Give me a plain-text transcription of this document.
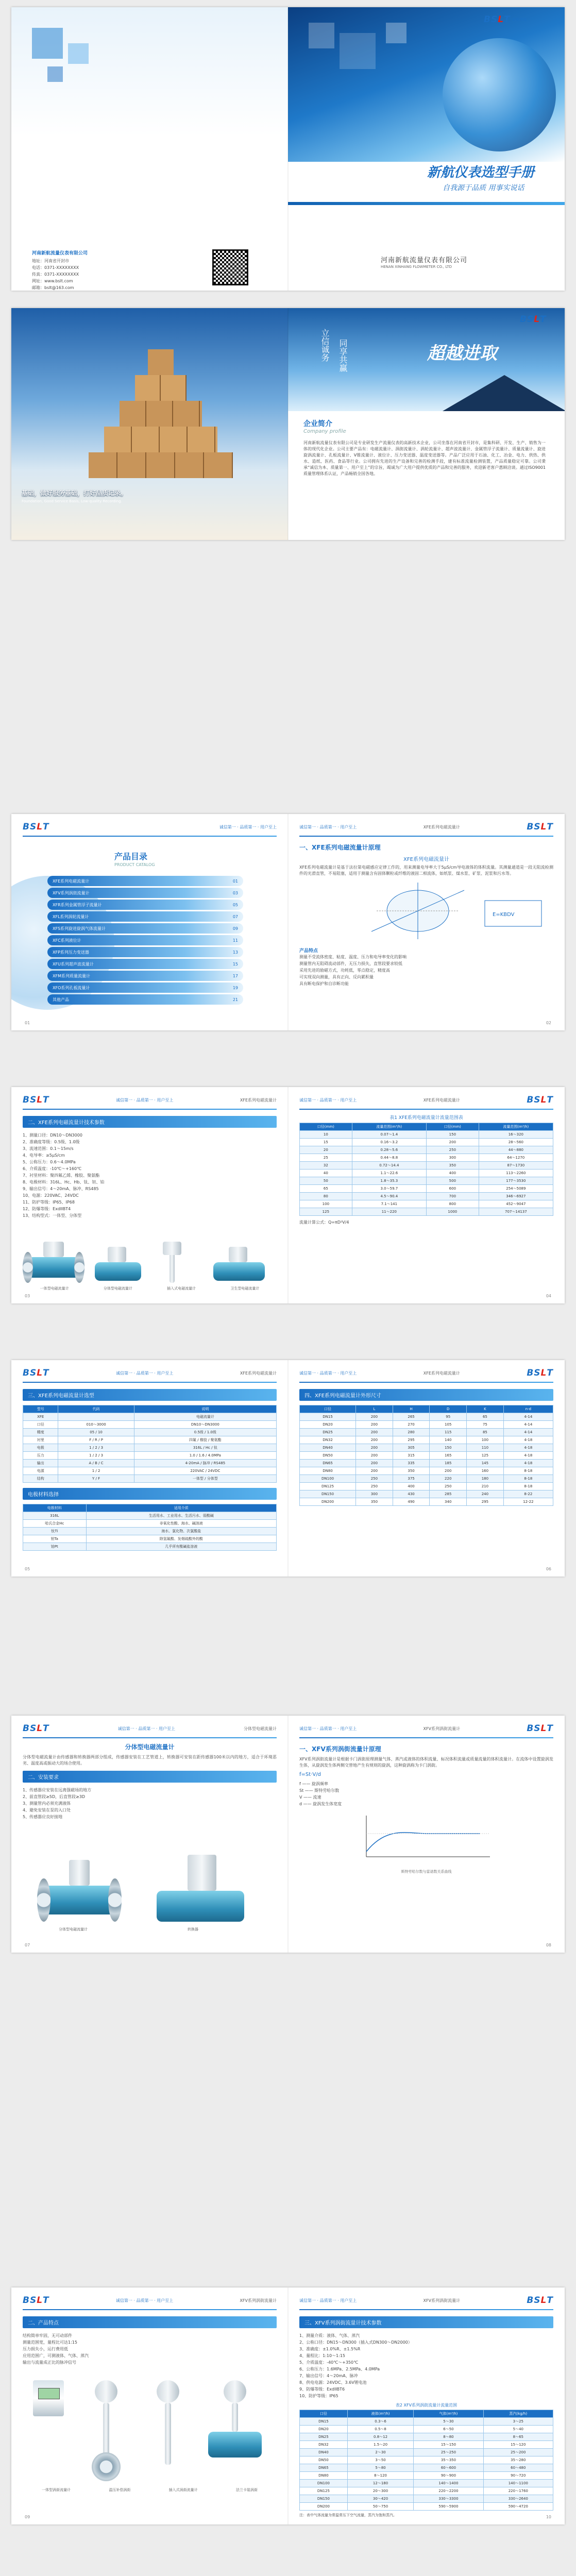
河南新航流量仪表有限公司
地址：河南省开封市
电话：0371-XXXXXXXX
传真：0371-XXXXXXXX
网址：www.bslt.com
邮箱：bslt@163.com
BSLT 新航流量
新航仪表选型手册
自我源于品质 用事实说话
河南新航流量仪表有限公司
HENAN XINHANG FLOWMETER CO., LTD
基础，做好服务基础，打好品质记录。
Foundation, Good Service Basis, Low-quality Recording.
立信诚务 同享共赢	超越进取
BSLT
企业简介
Company profile
河南新航流量仪表有限公司是专业研发生产流量仪表的高新技术企业，公司坐落在河南省开封市，是集科研、开发、生产、销售为一体的现代化企业。公司主要产品有：电磁流量计、涡街流量计、涡轮流量计、超声波流量计、金属管浮子流量计、质量流量计、旋进旋涡流量计、孔板流量计、V锥流量计、液位计、压力变送器、温度变送器等。产品广泛应用于石油、化工、冶金、电力、供热、供水、造纸、医药、食品等行业。公司拥有先进的生产设备和完善的检测手段，建有标准流量检测装置，产品质量稳定可靠。公司秉承“诚信为本、质量第一、用户至上”的宗旨，竭诚为广大用户提供优质的产品和完善的服务，欢迎新老客户惠顾洽谈。通过ISO9001质量管理体系认证，产品畅销全国各地。
BSLT	诚信第一 · 品质第一 · 用户至上
产品目录
PRODUCT CATALOG
XFE系列电磁流量计	01
XFV系列涡街流量计	03
XFR系列金属管浮子流量计	05
XFL系列涡轮流量计	07
XFS系列旋进旋涡气体流量计	09
XFC系列液位计	11
XFP系列压力变送器	13
XFU系列超声波流量计	15
XFM系列质量流量计	17
XFO系列孔板流量计	19
其他产品	21
01
诚信第一 · 品质第一 · 用户至上	XFE系列电磁流量计	BSLT
一、XFE系列电磁流量计原理
XFE系列电磁流量计
XFE系列电磁流量计是基于法拉第电磁感应定律工作的，用来测量电导率大于5μS/cm导电液体的体积流量。其测量通道是一段无阻流检测件的光滑直管，不易阻塞，适用于测量含有固体颗粒或纤维的液固二相流体，如纸浆、煤水浆、矿浆、泥浆和污水等。
E=KBDV
产品特点
测量不受流体密度、粘度、温度、压力和电导率变化的影响
测量管内无阻碍流动部件，无压力损失，直管段要求较低
采用先进的励磁方式，功耗低，零点稳定，精度高
可实现双向测量，具有正向、反向累积量
具有断电保护和自诊断功能
02
BSLT	诚信第一 · 品质第一 · 用户至上	XFE系列电磁流量计
二、XFE系列电磁流量计技术参数
1、测量口径：DN10～DN3000
2、准确度等级：0.5级、1.0级
3、流速范围：0.1～15m/s
4、电导率：≥5μS/cm
5、公称压力：0.6～4.0MPa
6、介质温度：-10℃～+160℃
7、衬里材料：聚四氟乙烯、橡胶、聚氨酯
8、电极材料：316L、Hc、Hb、钛、钽、铂
9、输出信号：4～20mA、脉冲、RS485
10、电源：220VAC、24VDC
11、防护等级：IP65、IP68
12、防爆等级：ExdIIBT4
13、结构型式：一体型、分体型
一体型电磁流量计	分体型电磁流量计	插入式电磁流量计	卫生型电磁流量计
03
诚信第一 · 品质第一 · 用户至上	XFE系列电磁流量计	BSLT
表1 XFE系列电磁流量计流量范围表
口径(mm)	流量范围(m³/h)	口径(mm)	流量范围(m³/h)
10	0.07～1.4	150	16～320
15	0.16～3.2	200	28～560
20	0.28～5.6	250	44～880
25	0.44～8.8	300	64～1270
32	0.72～14.4	350	87～1730
40	1.1～22.6	400	113～2260
50	1.8～35.3	500	177～3530
65	3.0～59.7	600	254～5089
80	4.5～90.4	700	346～6927
100	7.1～141	800	452～9047
125	11～220	1000	707～14137
流量计算公式：Q=πD²V/4
04
BSLT	诚信第一 · 品质第一 · 用户至上	XFE系列电磁流量计
三、XFE系列电磁流量计选型
型号	代码	说明
XFE		电磁流量计
口径	010～3000	DN10～DN3000
精度	05 / 10	0.5级 / 1.0级
衬里	F / R / P	四氟 / 橡胶 / 聚氨酯
电极	1 / 2 / 3	316L / Hc / 钛
压力	1 / 2 / 3	1.0 / 1.6 / 4.0MPa
输出	A / B / C	4-20mA / 脉冲 / RS485
电源	1 / 2	220VAC / 24VDC
结构	Y / F	一体型 / 分体型
电极材料选择
电极材料	适用介质
316L	生活用水、工业用水、生活污水、弱酸碱
哈氏合金Hc	非氧化性酸、海水、碱溶液
钛Ti	海水、氯化物、次氯酸盐
钽Ta	除氢氟酸、发烟硫酸外的酸
铂Pt	几乎所有酸碱盐溶液
05
诚信第一 · 品质第一 · 用户至上	XFE系列电磁流量计	BSLT
四、XFE系列电磁流量计外形尺寸
口径	L	H	D	K	n-d
DN15	200	265	95	65	4-14
DN20	200	270	105	75	4-14
DN25	200	280	115	85	4-14
DN32	200	295	140	100	4-18
DN40	200	305	150	110	4-18
DN50	200	315	165	125	4-18
DN65	200	335	185	145	4-18
DN80	200	350	200	160	8-18
DN100	250	375	220	180	8-18
DN125	250	400	250	210	8-18
DN150	300	430	285	240	8-22
DN200	350	490	340	295	12-22
06
BSLT	诚信第一 · 品质第一 · 用户至上	分体型电磁流量计
分体型电磁流量计
分体型电磁流量计由传感器和转换器两部分组成，传感器安装在工艺管道上，转换器可安装在距传感器100米以内的地方，适合于环境恶劣、温度高或振动大的场合使用。
二、安装要求
1、传感器应安装在远离强磁场的地方
2、前直管段≥5D，后直管段≥3D
3、测量管内必须充满液体
4、避免安装在泵的入口处
5、传感器应良好接地
分体型电磁流量计	转换器
07
诚信第一 · 品质第一 · 用户至上	XFV系列涡街流量计	BSLT
一、XFV系列涡街流量计原理
XFV系列涡街流量计是根据卡门涡街原理测量气体、蒸汽或液体的体积流量、标况体积流量或质量流量的体积流量计。在流体中设置旋涡发生体，从旋涡发生体两侧交替地产生有规则的旋涡，这种旋涡称为卡门涡街。
f=St·V/d
f —— 旋涡频率
St —— 斯特劳哈尔数
V —— 流速
d —— 旋涡发生体宽度
斯特劳哈尔数与雷诺数关系曲线
08
BSLT	诚信第一 · 品质第一 · 用户至上	XFV系列涡街流量计
二、产品特点
结构简单牢固，无可动部件
测量范围宽，量程比可达1:15
压力损失小，运行费用低
应用范围广，可测液体、气体、蒸汽
输出与流量成正比的脉冲信号
一体型涡街流量计	温压补偿涡街	插入式涡街流量计	法兰卡装涡街
09
诚信第一 · 品质第一 · 用户至上	XFV系列涡街流量计	BSLT
三、XFV系列涡街流量计技术参数
1、测量介质：液体、气体、蒸汽
2、公称口径：DN15～DN300（插入式DN300～DN2000）
3、准确度：±1.0%R、±1.5%R
4、量程比：1:10～1:15
5、介质温度：-40℃～+350℃
6、公称压力：1.6MPa、2.5MPa、4.0MPa
7、输出信号：4～20mA、脉冲
8、供电电源：24VDC、3.6V锂电池
9、防爆等级：ExdIIBT6
10、防护等级：IP65
表2 XFV系列涡街流量计流量范围
口径	液体(m³/h)	气体(m³/h)	蒸汽(kg/h)
DN15	0.3～6	5～30	3～25
DN20	0.5～8	6～50	5～40
DN25	0.8～12	8～80	8～65
DN32	1.5～20	15～150	15～120
DN40	2～30	25～250	25～200
DN50	3～50	35～350	35～280
DN65	5～80	60～600	60～480
DN80	8～120	90～900	90～720
DN100	12～180	140～1400	140～1100
DN125	20～300	220～2200	220～1760
DN150	30～420	330～3300	330～2640
DN200	50～750	590～5900	590～4720
注：表中气体流量为常温常压下空气流量，蒸汽为饱和蒸汽。	10
